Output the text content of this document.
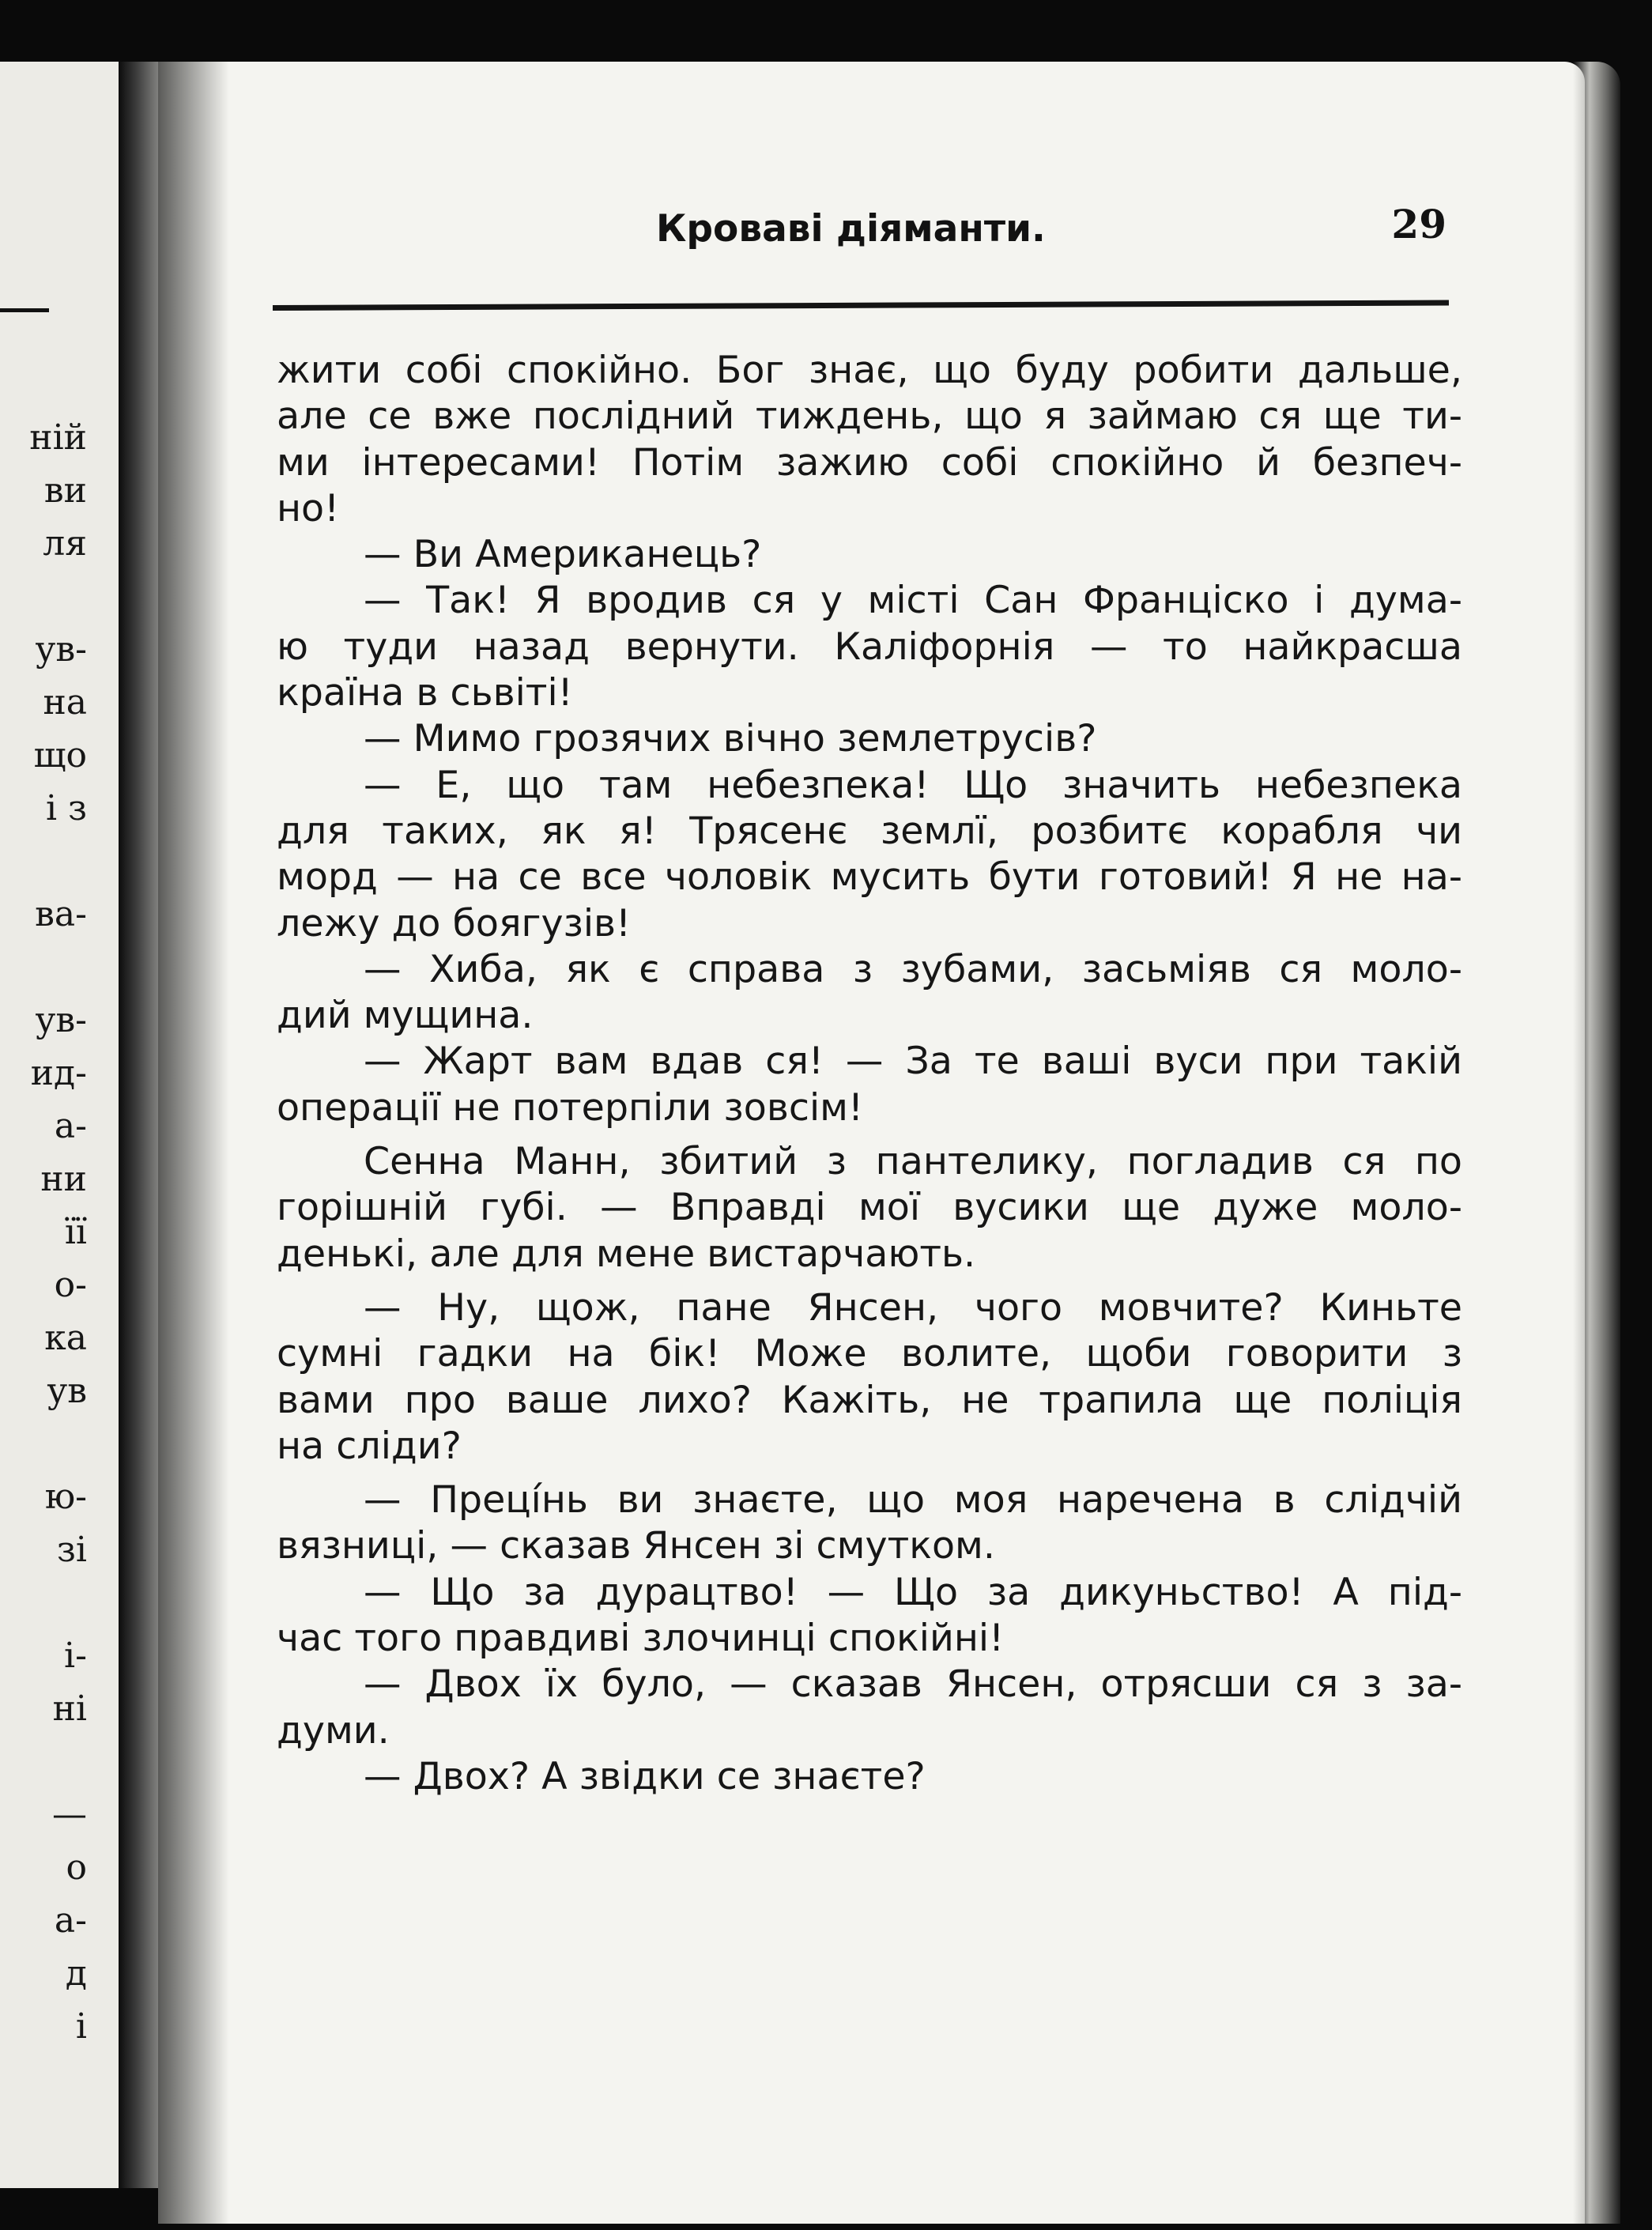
ній
ви
ля
ув-
на
що
і з
ва-
ув-
ид-
а-
ни
її
о-
ка
ув
ю-
зі
і-
ні
—
о
а-
д
і
Кроваві діяманти.	29
жити собі спокійно. Бог знає, що буду робити дальше,
але се вже послідний тиждень, що я займаю ся ще ти-
ми інтересами! Потім зажию собі спокійно й безпеч-
но!
— Ви Американець?
— Так! Я вродив ся у місті Сан Франціско і дума-
ю туди назад вернути. Каліфорнія — то найкрасша
країна в сьвіті!
— Мимо грозячих вічно землетрусів?
— Е, що там небезпека! Що значить небезпека
для таких, як я! Трясенє землї, розбитє корабля чи
морд — на се все чоловік мусить бути готовий! Я не на-
лежу до боягузів!
— Хиба, як є справа з зубами, засьміяв ся моло-
дий мущина.
— Жарт вам вдав ся! — За те ваші вуси при такій
операції не потерпіли зовсім!
Сенна Манн, збитий з пантелику, погладив ся по
горішній губі. — Вправді мої вусики ще дуже моло-
денькі, але для мене вистарчають.
— Ну, щож, пане Янсен, чого мовчите? Киньте
сумні гадки на бік! Може волите, щоби говорити з
вами про ваше лихо? Кажіть, не трапила ще поліція
на сліди?
— Преці́нь ви знаєте, що моя наречена в слідчій
вязниці, — сказав Янсен зі смутком.
— Що за дурацтво! — Що за дикуньство! А під-
час того правдиві злочинці спокійні!
— Двох їх було, — сказав Янсен, отрясши ся з за-
думи.
— Двох? А звідки се знаєте?
